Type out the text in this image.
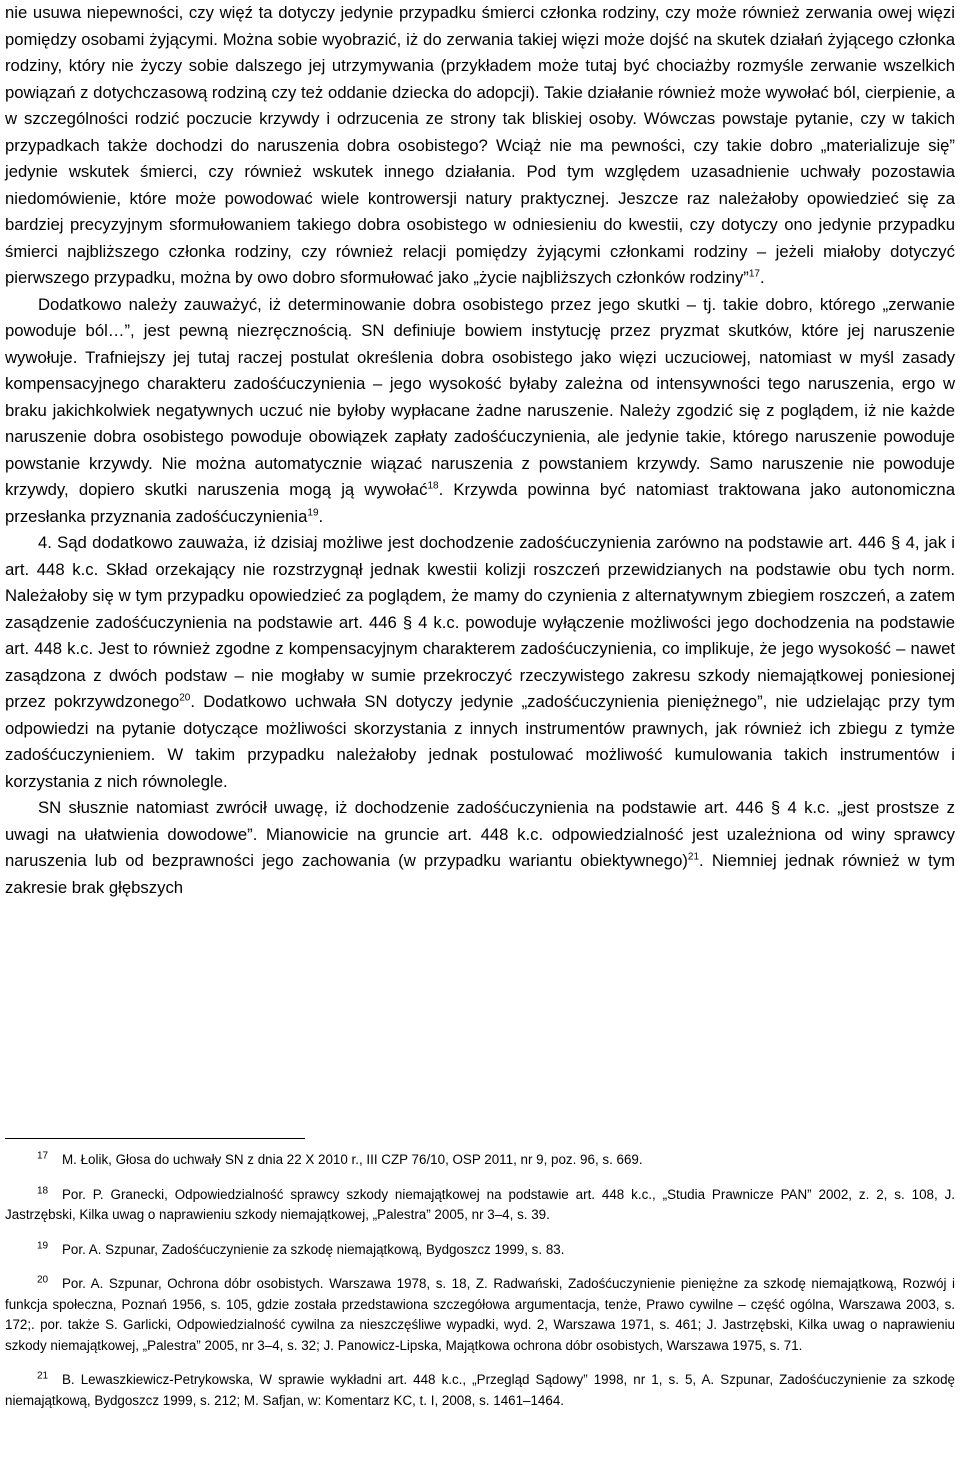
nie usuwa niepewności, czy więź ta dotyczy jedynie przypadku śmierci członka rodziny, czy może również zerwania owej więzi pomiędzy osobami żyjącymi. Można sobie wyobrazić, iż do zerwania takiej więzi może dojść na skutek działań żyjącego członka rodziny, który nie życzy sobie dalszego jej utrzymywania (przykładem może tutaj być chociażby rozmyśle zerwanie wszelkich powiązań z dotychczasową rodziną czy też oddanie dziecka do adopcji). Takie działanie również może wywołać ból, cierpienie, a w szczególności rodzić poczucie krzywdy i odrzucenia ze strony tak bliskiej osoby. Wówczas powstaje pytanie, czy w takich przypadkach także dochodzi do naruszenia dobra osobistego? Wciąż nie ma pewności, czy takie dobro „materializuje się” jedynie wskutek śmierci, czy również wskutek innego działania. Pod tym względem uzasadnienie uchwały pozostawia niedomówienie, które może powodować wiele kontrowersji natury praktycznej. Jeszcze raz należałoby opowiedzieć się za bardziej precyzyjnym sformułowaniem takiego dobra osobistego w odniesieniu do kwestii, czy dotyczy ono jedynie przypadku śmierci najbliższego członka rodziny, czy również relacji pomiędzy żyjącymi członkami rodziny – jeżeli miałoby dotyczyć pierwszego przypadku, można by owo dobro sformułować jako „życie najbliższych członków rodziny”$^{17}$.

Dodatkowo należy zauważyć, iż determinowanie dobra osobistego przez jego skutki – tj. takie dobro, którego „zerwanie powoduje ból…”, jest pewną niezręcznością. SN definiuje bowiem instytucję przez pryzmat skutków, które jej naruszenie wywołuje. Trafniejszy jej tutaj raczej postulat określenia dobra osobistego jako więzi uczuciowej, natomiast w myśl zasady kompensacyjnego charakteru zadośćuczynienia – jego wysokość byłaby zależna od intensywności tego naruszenia, ergo w braku jakichkolwiek negatywnych uczuć nie byłoby wypłacane żadne naruszenie. Należy zgodzić się z poglądem, iż nie każde naruszenie dobra osobistego powoduje obowiązek zapłaty zadośćuczynienia, ale jedynie takie, którego naruszenie powoduje powstanie krzywdy. Nie można automatycznie wiązać naruszenia z powstaniem krzywdy. Samo naruszenie nie powoduje krzywdy, dopiero skutki naruszenia mogą ją wywołać$^{18}$. Krzywda powinna być natomiast traktowana jako autonomiczna przesłanka przyznania zadośćuczynienia$^{19}$.

4. Sąd dodatkowo zauważa, iż dzisiaj możliwe jest dochodzenie zadośćuczynienia zarówno na podstawie art. 446 § 4, jak i art. 448 k.c. Skład orzekający nie rozstrzygnął jednak kwestii kolizji roszczeń przewidzianych na podstawie obu tych norm. Należałoby się w tym przypadku opowiedzieć za poglądem, że mamy do czynienia z alternatywnym zbiegiem roszczeń, a zatem zasądzenie zadośćuczynienia na podstawie art. 446 § 4 k.c. powoduje wyłączenie możliwości jego dochodzenia na podstawie art. 448 k.c. Jest to również zgodne z kompensacyjnym charakterem zadośćuczynienia, co implikuje, że jego wysokość – nawet zasądzona z dwóch podstaw – nie mogłaby w sumie przekroczyć rzeczywistego zakresu szkody niemajątkowej poniesionej przez pokrzywdzonego$^{20}$. Dodatkowo uchwała SN dotyczy jedynie „zadośćuczynienia pieniężnego”, nie udzielając przy tym odpowiedzi na pytanie dotyczące możliwości skorzystania z innych instrumentów prawnych, jak również ich zbiegu z tymże zadośćuczynieniem. W takim przypadku należałoby jednak postulować możliwość kumulowania takich instrumentów i korzystania z nich równolegle.

SN słusznie natomiast zwrócił uwagę, iż dochodzenie zadośćuczynienia na podstawie art. 446 § 4 k.c. „jest prostsze z uwagi na ułatwienia dowodowe”. Mianowicie na gruncie art. 448 k.c. odpowiedzialność jest uzależniona od winy sprawcy naruszenia lub od bezprawności jego zachowania (w przypadku wariantu obiektywnego)$^{21}$. Niemniej jednak również w tym zakresie brak głębszych

$^{17}$ M. Łolik, Głosa do uchwały SN z dnia 22 X 2010 r., III CZP 76/10, OSP 2011, nr 9, poz. 96, s. 669.

$^{18}$ Por. P. Granecki, Odpowiedzialność sprawcy szkody niemajątkowej na podstawie art. 448 k.c., „Studia Prawnicze PAN” 2002, z. 2, s. 108, J. Jastrzębski, Kilka uwag o naprawieniu szkody niemajątkowej, „Palestra” 2005, nr 3–4, s. 39.

$^{19}$ Por. A. Szpunar, Zadośćuczynienie za szkodę niemajątkową, Bydgoszcz 1999, s. 83.

$^{20}$ Por. A. Szpunar, Ochrona dóbr osobistych. Warszawa 1978, s. 18, Z. Radwański, Zadośćuczynienie pieniężne za szkodę niemajątkową, Rozwój i funkcja społeczna, Poznań 1956, s. 105, gdzie została przedstawiona szczegółowa argumentacja, tenże, Prawo cywilne – część ogólna, Warszawa 2003, s. 172;. por. także S. Garlicki, Odpowiedzialność cywilna za nieszczęśliwe wypadki, wyd. 2, Warszawa 1971, s. 461; J. Jastrzębski, Kilka uwag o naprawieniu szkody niemajątkowej, „Palestra” 2005, nr 3–4, s. 32; J. Panowicz-Lipska, Majątkowa ochrona dóbr osobistych, Warszawa 1975, s. 71.

$^{21}$ B. Lewaszkiewicz-Petrykowska, W sprawie wykładni art. 448 k.c., „Przegląd Sądowy” 1998, nr 1, s. 5, A. Szpunar, Zadośćuczynienie za szkodę niemajątkową, Bydgoszcz 1999, s. 212; M. Safjan, w: Komentarz KC, t. I, 2008, s. 1461–1464.
